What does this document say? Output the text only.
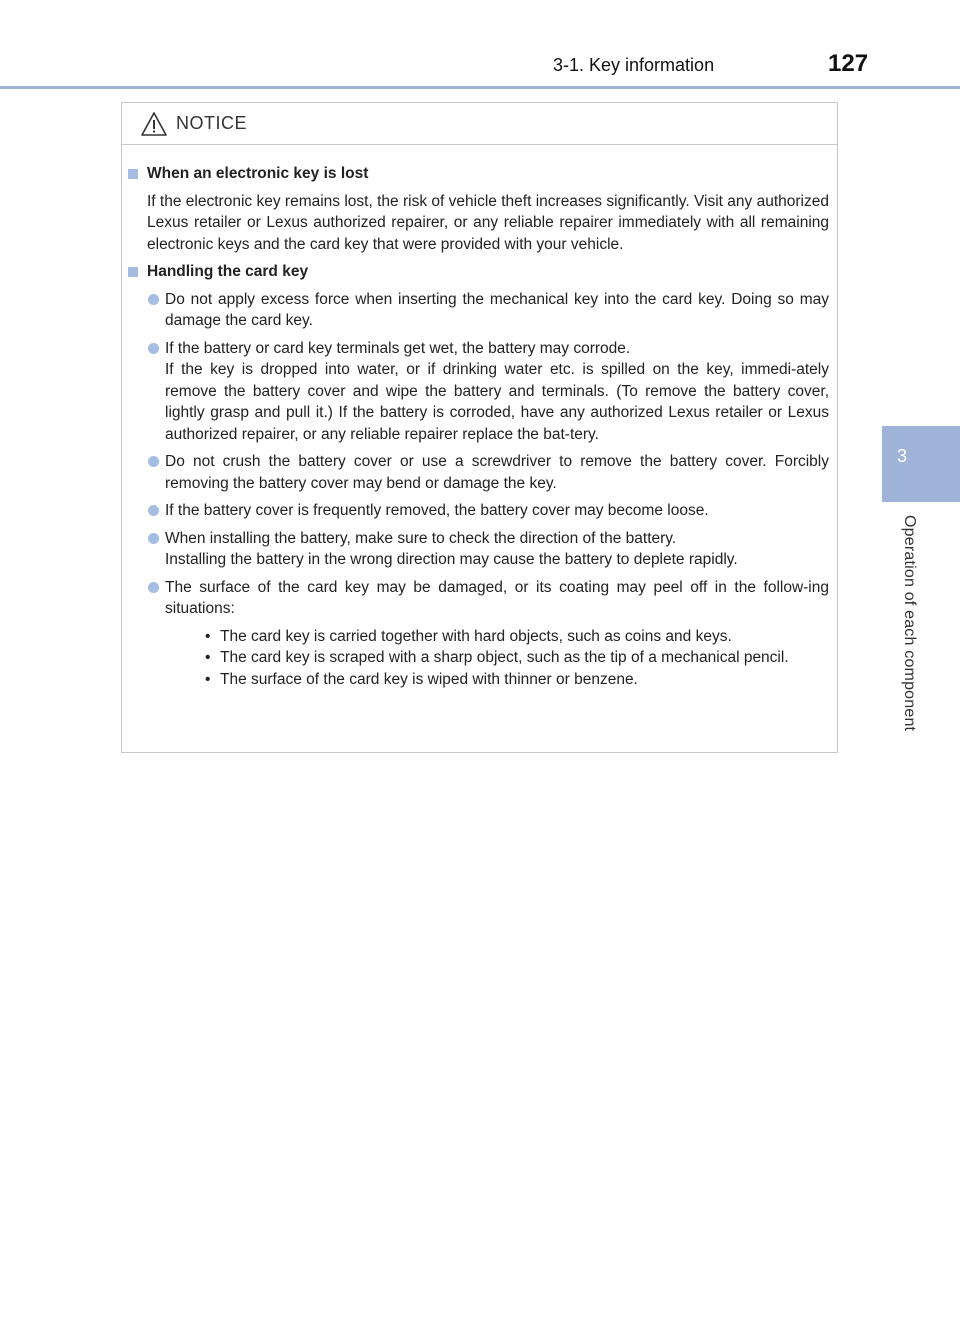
3-1. Key information	127
3
Operation of each component
NOTICE
When an electronic key is lost
If the electronic key remains lost, the risk of vehicle theft increases significantly. Visit any authorized Lexus retailer or Lexus authorized repairer, or any reliable repairer immediately with all remaining electronic keys and the card key that were provided with your vehicle.
Handling the card key
Do not apply excess force when inserting the mechanical key into the card key. Doing so may damage the card key.
If the battery or card key terminals get wet, the battery may corrode.
If the key is dropped into water, or if drinking water etc. is spilled on the key, immedi-ately remove the battery cover and wipe the battery and terminals. (To remove the battery cover, lightly grasp and pull it.) If the battery is corroded, have any authorized Lexus retailer or Lexus authorized repairer, or any reliable repairer replace the bat-tery.
Do not crush the battery cover or use a screwdriver to remove the battery cover. Forcibly removing the battery cover may bend or damage the key.
If the battery cover is frequently removed, the battery cover may become loose.
When installing the battery, make sure to check the direction of the battery.
Installing the battery in the wrong direction may cause the battery to deplete rapidly.
The surface of the card key may be damaged, or its coating may peel off in the follow-ing situations:
• The card key is carried together with hard objects, such as coins and keys.
• The card key is scraped with a sharp object, such as the tip of a mechanical pencil.
• The surface of the card key is wiped with thinner or benzene.
